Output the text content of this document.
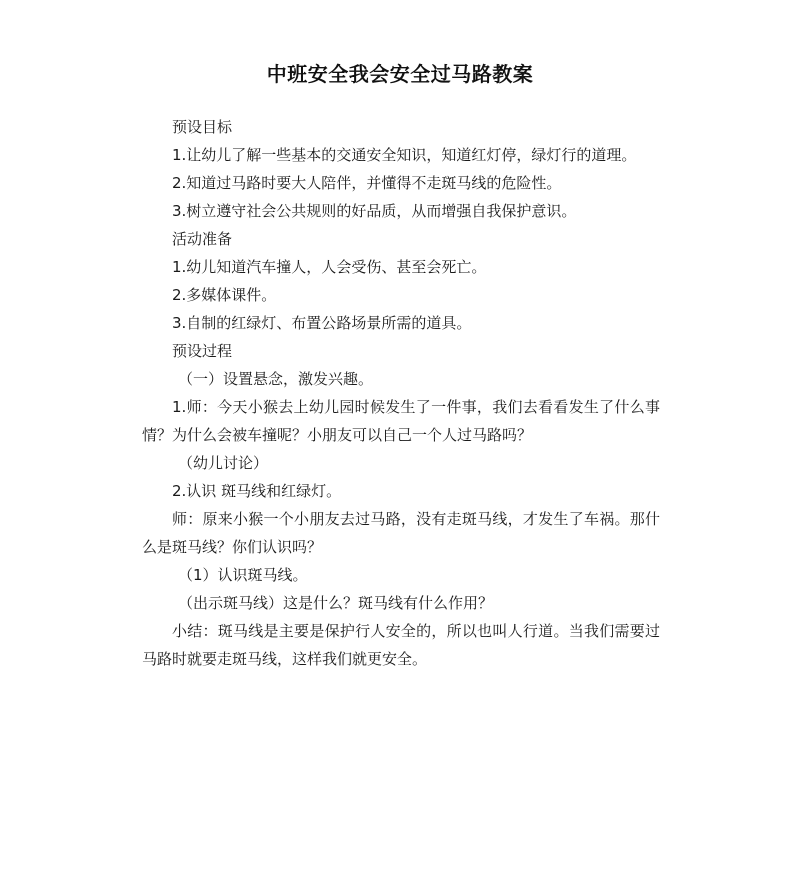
中班安全我会安全过马路教案

预设目标

1.让幼儿了解一些基本的交通安全知识，知道红灯停，绿灯行的道理。

2.知道过马路时要大人陪伴，并懂得不走斑马线的危险性。

3.树立遵守社会公共规则的好品质，从而增强自我保护意识。

活动准备

1.幼儿知道汽车撞人，人会受伤、甚至会死亡。

2.多媒体课件。

3.自制的红绿灯、布置公路场景所需的道具。

预设过程

（一）设置悬念，激发兴趣。

1.师：今天小猴去上幼儿园时候发生了一件事，我们去看看发生了什么事情？为什么会被车撞呢？小朋友可以自己一个人过马路吗？

（幼儿讨论）

2.认识 斑马线和红绿灯。

师：原来小猴一个小朋友去过马路，没有走斑马线，才发生了车祸。那什么是斑马线？你们认识吗？

（1）认识斑马线。

（出示斑马线）这是什么？斑马线有什么作用？

小结：斑马线是主要是保护行人安全的，所以也叫人行道。当我们需要过马路时就要走斑马线，这样我们就更安全。
